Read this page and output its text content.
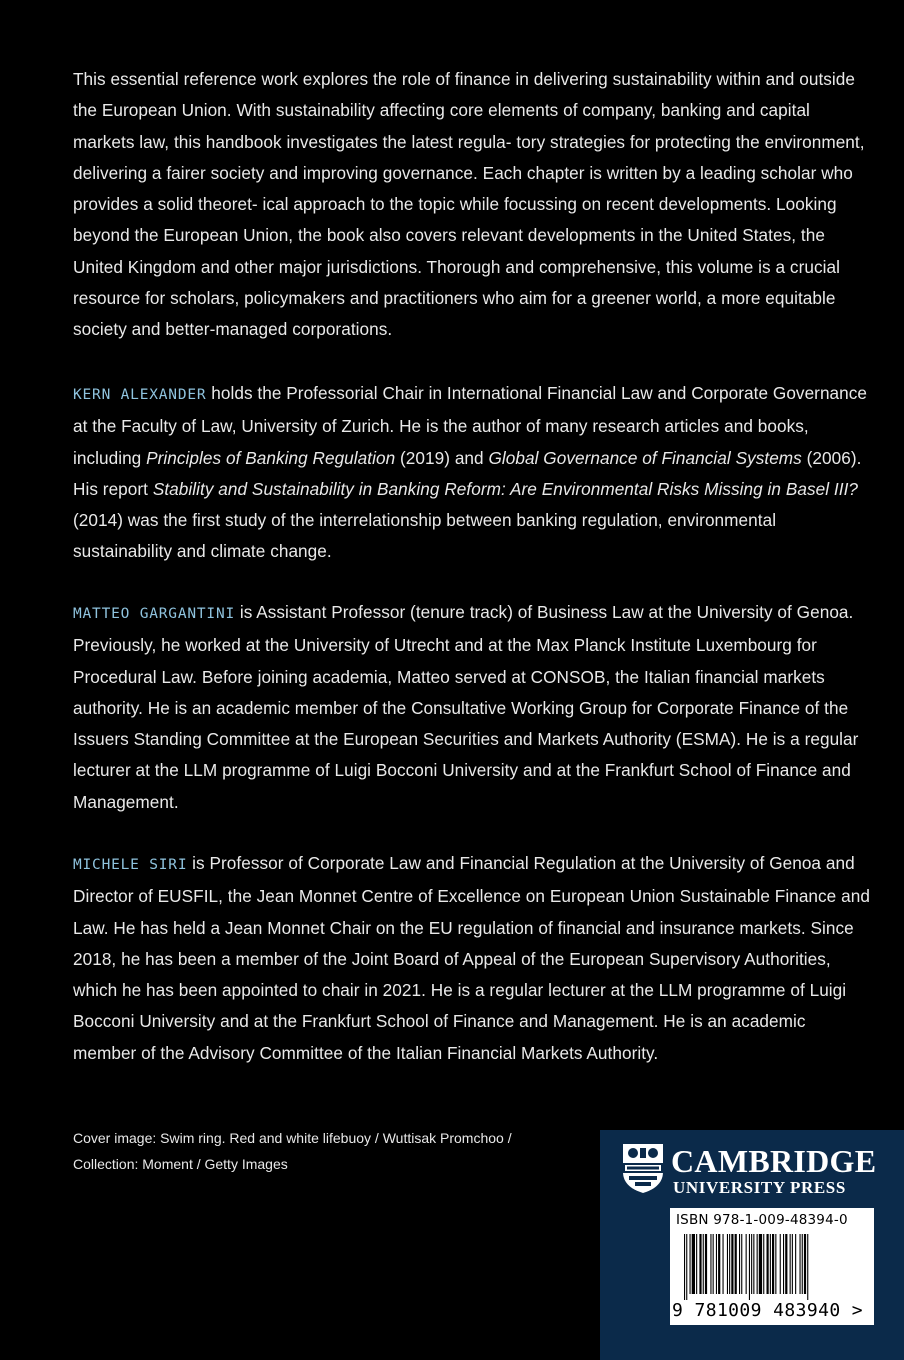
This essential reference work explores the role of finance in delivering sustainability within and outside the European Union. With sustainability affecting core elements of company, banking and capital markets law, this handbook investigates the latest regula- tory strategies for protecting the environment, delivering a fairer society and improving governance. Each chapter is written by a leading scholar who provides a solid theoret- ical approach to the topic while focussing on recent developments. Looking beyond the European Union, the book also covers relevant developments in the United States, the United Kingdom and other major jurisdictions. Thorough and comprehensive, this volume is a crucial resource for scholars, policymakers and practitioners who aim for a greener world, a more equitable society and better-managed corporations.
KERN ALEXANDER holds the Professorial Chair in International Financial Law and Corporate Governance at the Faculty of Law, University of Zurich. He is the author of many research articles and books, including Principles of Banking Regulation (2019) and Global Governance of Financial Systems (2006). His report Stability and Sustainability in Banking Reform: Are Environmental Risks Missing in Basel III? (2014) was the first study of the interrelationship between banking regulation, environmental sustainability and climate change.
MATTEO GARGANTINI is Assistant Professor (tenure track) of Business Law at the University of Genoa. Previously, he worked at the University of Utrecht and at the Max Planck Institute Luxembourg for Procedural Law. Before joining academia, Matteo served at CONSOB, the Italian financial markets authority. He is an academic member of the Consultative Working Group for Corporate Finance of the Issuers Standing Committee at the European Securities and Markets Authority (ESMA). He is a regular lecturer at the LLM programme of Luigi Bocconi University and at the Frankfurt School of Finance and Management.
MICHELE SIRI is Professor of Corporate Law and Financial Regulation at the University of Genoa and Director of EUSFIL, the Jean Monnet Centre of Excellence on European Union Sustainable Finance and Law. He has held a Jean Monnet Chair on the EU regulation of financial and insurance markets. Since 2018, he has been a member of the Joint Board of Appeal of the European Supervisory Authorities, which he has been appointed to chair in 2021. He is a regular lecturer at the LLM programme of Luigi Bocconi University and at the Frankfurt School of Finance and Management. He is an academic member of the Advisory Committee of the Italian Financial Markets Authority.
Cover image: Swim ring. Red and white lifebuoy / Wuttisak Promchoo /
Collection: Moment / Getty Images	CAMBRIDGE
UNIVERSITY PRESS
ISBN 978-1-009-48394-0
9 781009 483940 >
